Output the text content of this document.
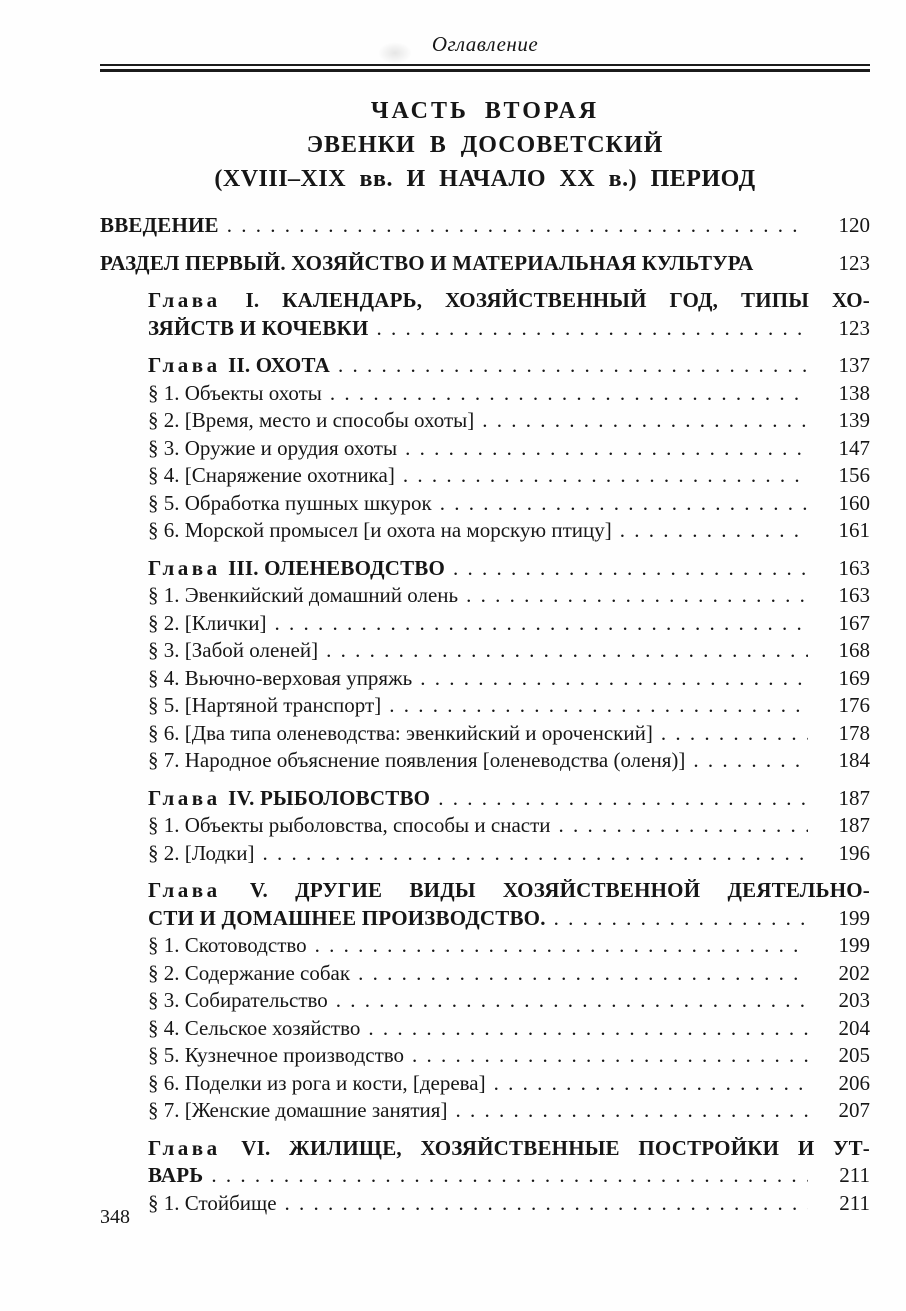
Оглавление
ЧАСТЬ ВТОРАЯ
ЭВЕНКИ В ДОСОВЕТСКИЙ
(XVIII–XIX вв. И НАЧАЛО XX в.) ПЕРИОД
ВВЕДЕНИЕ . . .	120
РАЗДЕЛ ПЕРВЫЙ. ХОЗЯЙСТВО И МАТЕРИАЛЬНАЯ КУЛЬТУРА	123
Глава I. КАЛЕНДАРЬ, ХОЗЯЙСТВЕННЫЙ ГОД, ТИПЫ ХО-
ЗЯЙСТВ И КОЧЕВКИ . . .	123
Глава II. ОХОТА . . .	137
§ 1. Объекты охоты . . .	138
§ 2. [Время, место и способы охоты] . . .	139
§ 3. Оружие и орудия охоты . . .	147
§ 4. [Снаряжение охотника] . . .	156
§ 5. Обработка пушных шкурок . . .	160
§ 6. Морской промысел [и охота на морскую птицу] . . .	161
Глава III. ОЛЕНЕВОДСТВО . . .	163
§ 1. Эвенкийский домашний олень . . .	163
§ 2. [Клички] . . .	167
§ 3. [Забой оленей] . . .	168
§ 4. Вьючно-верховая упряжь . . .	169
§ 5. [Нартяной транспорт] . . .	176
§ 6. [Два типа оленеводства: эвенкийский и ороченский] . . .	178
§ 7. Народное объяснение появления [оленеводства (оленя)] . . .	184
Глава IV. РЫБОЛОВСТВО . . .	187
§ 1. Объекты рыболовства, способы и снасти . . .	187
§ 2. [Лодки] . . .	196
Глава V. ДРУГИЕ ВИДЫ ХОЗЯЙСТВЕННОЙ ДЕЯТЕЛЬНО-
СТИ И ДОМАШНЕЕ ПРОИЗВОДСТВО. . . .	199
§ 1. Скотоводство . . .	199
§ 2. Содержание собак . . .	202
§ 3. Собирательство . . .	203
§ 4. Сельское хозяйство . . .	204
§ 5. Кузнечное производство . . .	205
§ 6. Поделки из рога и кости, [дерева] . . .	206
§ 7. [Женские домашние занятия] . . .	207
Глава VI. ЖИЛИЩЕ, ХОЗЯЙСТВЕННЫЕ ПОСТРОЙКИ И УТ-
ВАРЬ . . .	211
§ 1. Стойбище . . .	211
348
